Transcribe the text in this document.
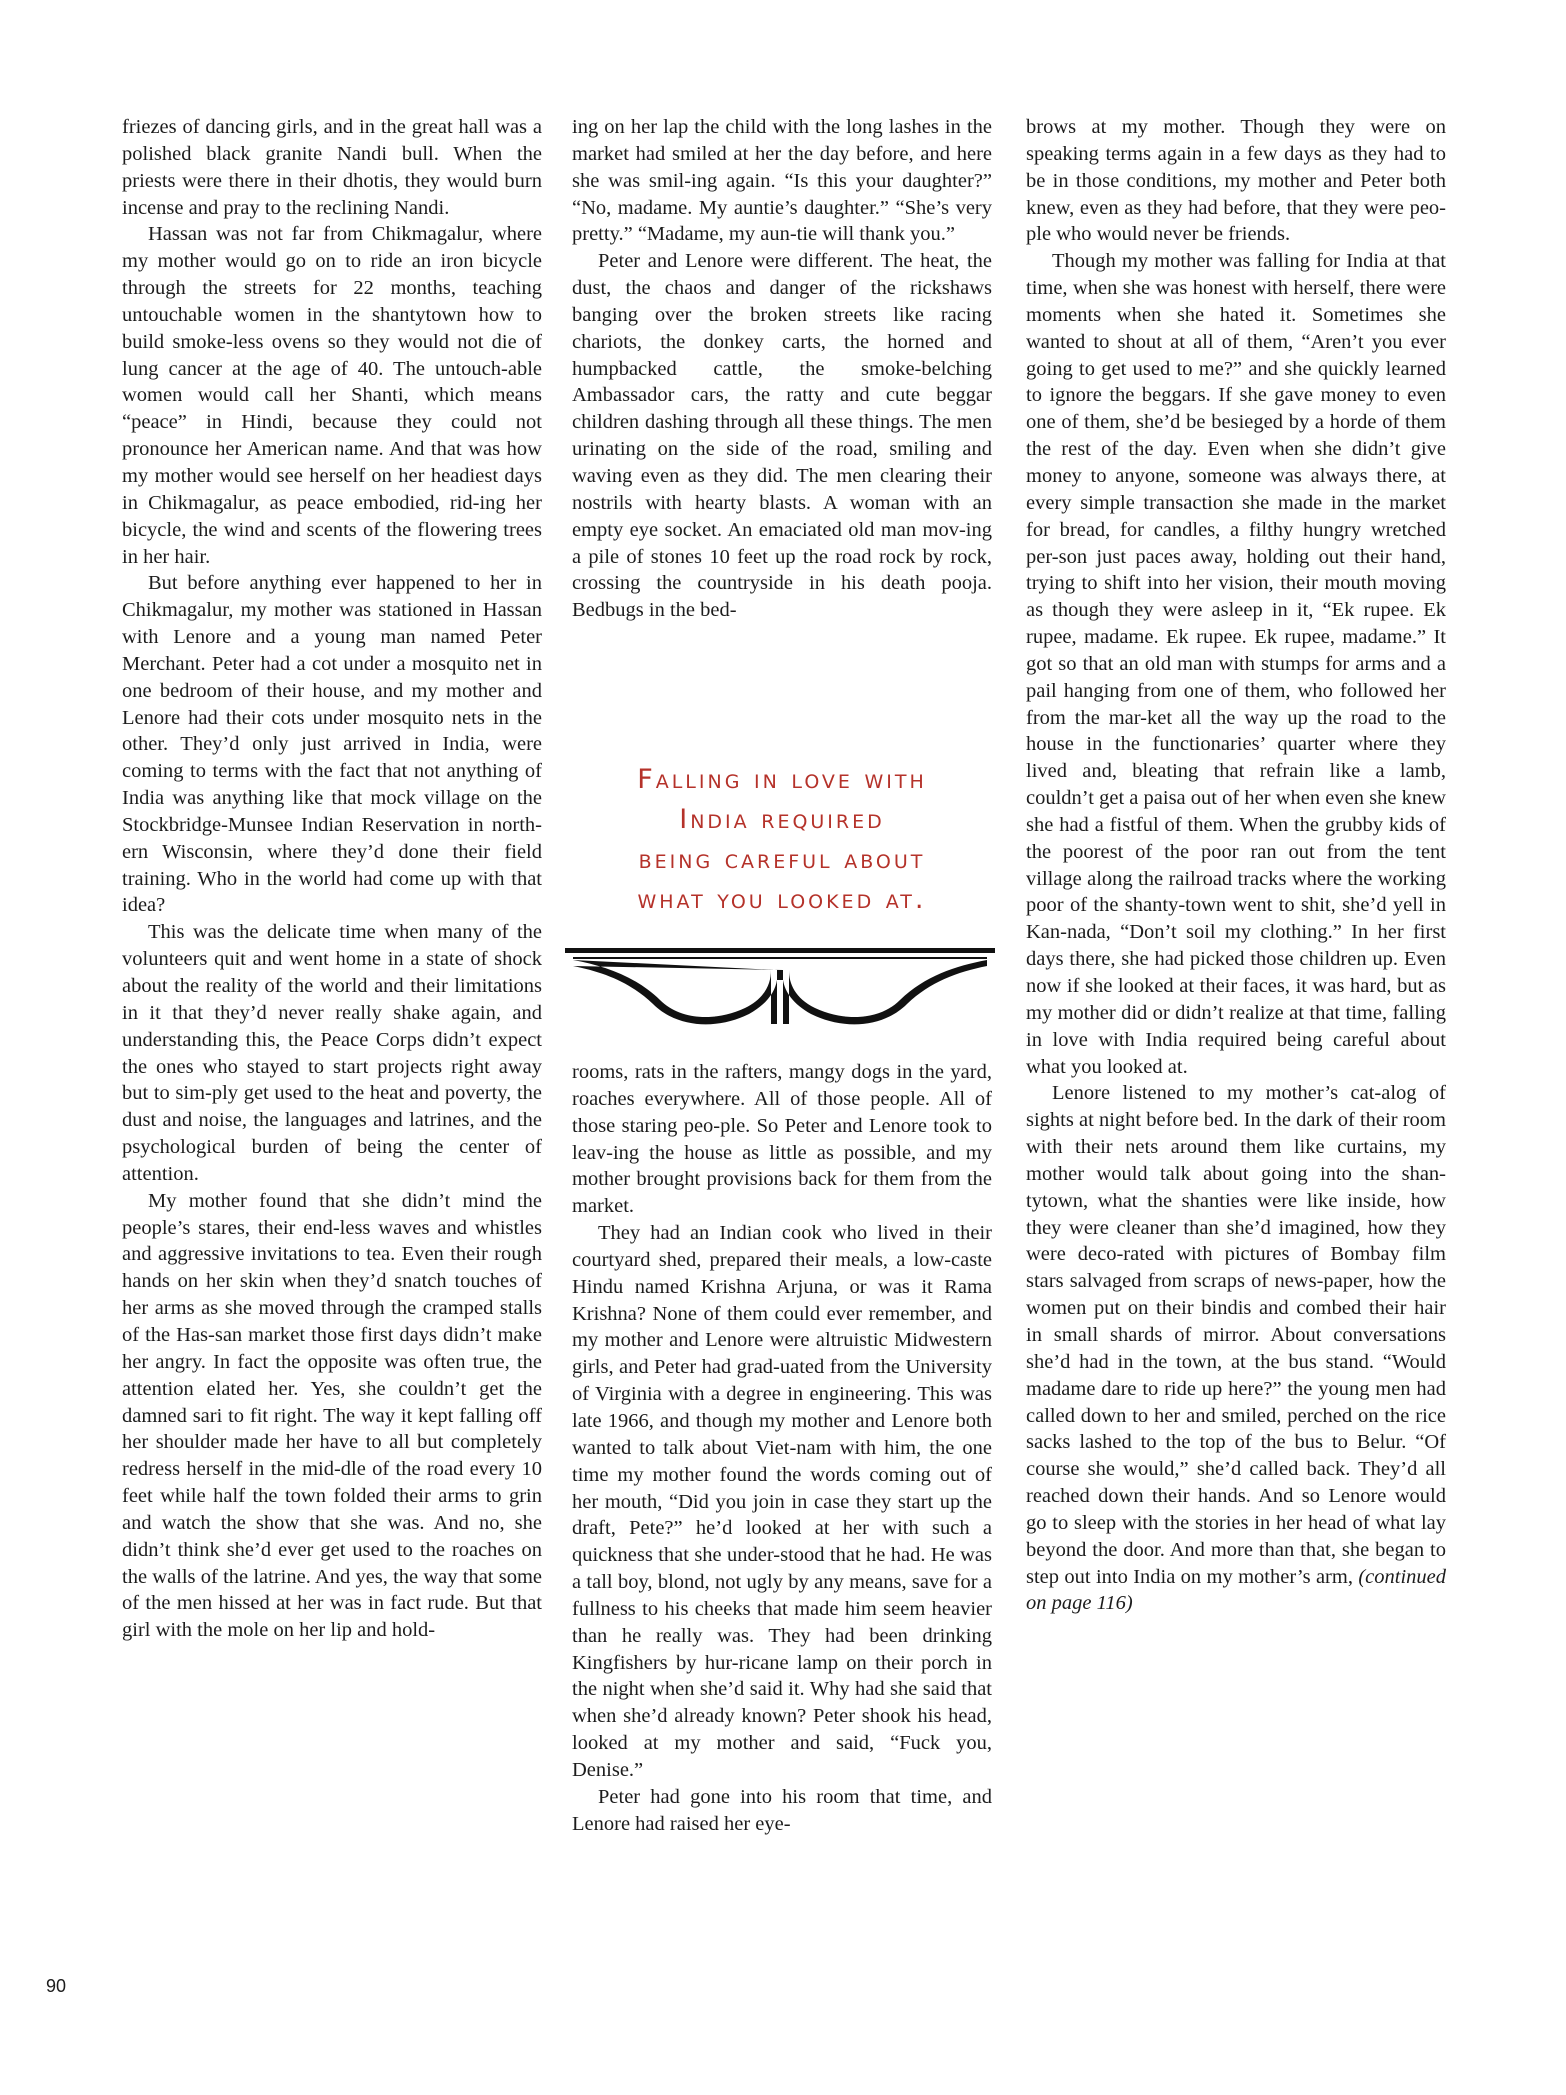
friezes of dancing girls, and in the great hall was a polished black granite Nandi bull. When the priests were there in their dhotis, they would burn incense and pray to the reclining Nandi.

Hassan was not far from Chikmagalur, where my mother would go on to ride an iron bicycle through the streets for 22 months, teaching untouchable women in the shantytown how to build smoke-less ovens so they would not die of lung cancer at the age of 40. The untouch-able women would call her Shanti, which means “peace” in Hindi, because they could not pronounce her American name. And that was how my mother would see herself on her headiest days in Chikmagalur, as peace embodied, rid-ing her bicycle, the wind and scents of the flowering trees in her hair.

But before anything ever happened to her in Chikmagalur, my mother was stationed in Hassan with Lenore and a young man named Peter Merchant. Peter had a cot under a mosquito net in one bedroom of their house, and my mother and Lenore had their cots under mosquito nets in the other. They’d only just arrived in India, were coming to terms with the fact that not anything of India was anything like that mock village on the Stockbridge-Munsee Indian Reservation in north-ern Wisconsin, where they’d done their field training. Who in the world had come up with that idea?

This was the delicate time when many of the volunteers quit and went home in a state of shock about the reality of the world and their limitations in it that they’d never really shake again, and understanding this, the Peace Corps didn’t expect the ones who stayed to start projects right away but to sim-ply get used to the heat and poverty, the dust and noise, the languages and latrines, and the psychological burden of being the center of attention.

My mother found that she didn’t mind the people’s stares, their end-less waves and whistles and aggressive invitations to tea. Even their rough hands on her skin when they’d snatch touches of her arms as she moved through the cramped stalls of the Has-san market those first days didn’t make her angry. In fact the opposite was often true, the attention elated her. Yes, she couldn’t get the damned sari to fit right. The way it kept falling off her shoulder made her have to all but completely redress herself in the mid-dle of the road every 10 feet while half the town folded their arms to grin and watch the show that she was. And no, she didn’t think she’d ever get used to the roaches on the walls of the latrine. And yes, the way that some of the men hissed at her was in fact rude. But that girl with the mole on her lip and hold-

ing on her lap the child with the long lashes in the market had smiled at her the day before, and here she was smil-ing again. “Is this your daughter?” “No, madame. My auntie’s daughter.” “She’s very pretty.” “Madame, my aun-tie will thank you.”

Peter and Lenore were different. The heat, the dust, the chaos and danger of the rickshaws banging over the broken streets like racing chariots, the donkey carts, the horned and humpbacked cattle, the smoke-belching Ambassador cars, the ratty and cute beggar children dashing through all these things. The men urinating on the side of the road, smiling and waving even as they did. The men clearing their nostrils with hearty blasts. A woman with an empty eye socket. An emaciated old man mov-ing a pile of stones 10 feet up the road rock by rock, crossing the countryside in his death pooja. Bedbugs in the bed-

Falling in love with
India required
being careful about
what you looked at.

rooms, rats in the rafters, mangy dogs in the yard, roaches everywhere. All of those people. All of those staring peo-ple. So Peter and Lenore took to leav-ing the house as little as possible, and my mother brought provisions back for them from the market.

They had an Indian cook who lived in their courtyard shed, prepared their meals, a low-caste Hindu named Krishna Arjuna, or was it Rama Krishna? None of them could ever remember, and my mother and Lenore were altruistic Midwestern girls, and Peter had grad-uated from the University of Virginia with a degree in engineering. This was late 1966, and though my mother and Lenore both wanted to talk about Viet-nam with him, the one time my mother found the words coming out of her mouth, “Did you join in case they start up the draft, Pete?” he’d looked at her with such a quickness that she under-stood that he had. He was a tall boy, blond, not ugly by any means, save for a fullness to his cheeks that made him seem heavier than he really was. They had been drinking Kingfishers by hur-ricane lamp on their porch in the night when she’d said it. Why had she said that when she’d already known? Peter shook his head, looked at my mother and said, “Fuck you, Denise.”

Peter had gone into his room that time, and Lenore had raised her eye-

brows at my mother. Though they were on speaking terms again in a few days as they had to be in those conditions, my mother and Peter both knew, even as they had before, that they were peo-ple who would never be friends.

Though my mother was falling for India at that time, when she was honest with herself, there were moments when she hated it. Sometimes she wanted to shout at all of them, “Aren’t you ever going to get used to me?” and she quickly learned to ignore the beggars. If she gave money to even one of them, she’d be besieged by a horde of them the rest of the day. Even when she didn’t give money to anyone, someone was always there, at every simple transaction she made in the market for bread, for candles, a filthy hungry wretched per-son just paces away, holding out their hand, trying to shift into her vision, their mouth moving as though they were asleep in it, “Ek rupee. Ek rupee, madame. Ek rupee. Ek rupee, madame.” It got so that an old man with stumps for arms and a pail hanging from one of them, who followed her from the mar-ket all the way up the road to the house in the functionaries’ quarter where they lived and, bleating that refrain like a lamb, couldn’t get a paisa out of her when even she knew she had a fistful of them. When the grubby kids of the poorest of the poor ran out from the tent village along the railroad tracks where the working poor of the shanty-town went to shit, she’d yell in Kan-nada, “Don’t soil my clothing.” In her first days there, she had picked those children up. Even now if she looked at their faces, it was hard, but as my mother did or didn’t realize at that time, falling in love with India required being careful about what you looked at.

Lenore listened to my mother’s cat-alog of sights at night before bed. In the dark of their room with their nets around them like curtains, my mother would talk about going into the shan-tytown, what the shanties were like inside, how they were cleaner than she’d imagined, how they were deco-rated with pictures of Bombay film stars salvaged from scraps of news-paper, how the women put on their bindis and combed their hair in small shards of mirror. About conversations she’d had in the town, at the bus stand. “Would madame dare to ride up here?” the young men had called down to her and smiled, perched on the rice sacks lashed to the top of the bus to Belur. “Of course she would,” she’d called back. They’d all reached down their hands. And so Lenore would go to sleep with the stories in her head of what lay beyond the door. And more than that, she began to step out into India on my mother’s arm, (continued on page 116)

90
